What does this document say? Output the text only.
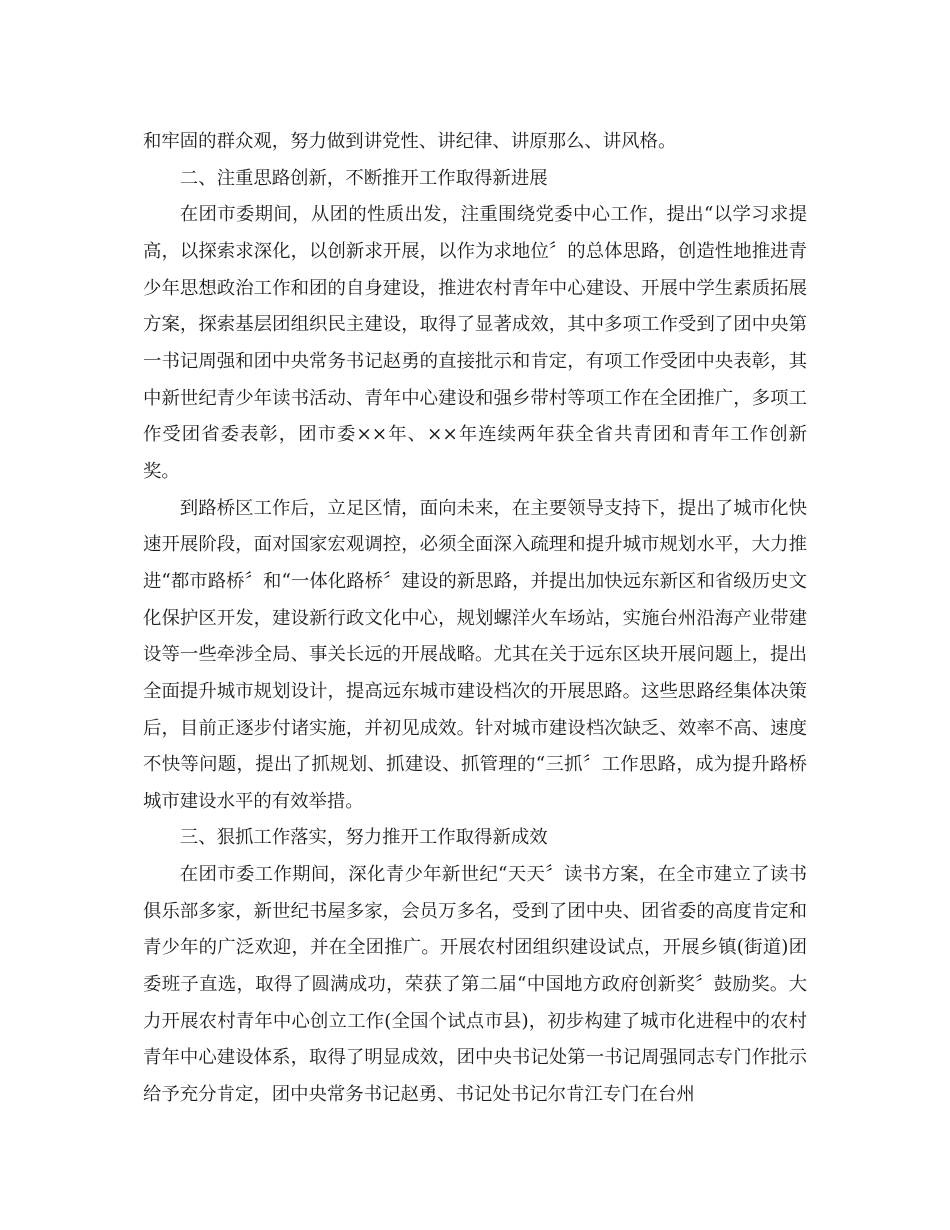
和牢固的群众观，努力做到讲党性、讲纪律、讲原那么、讲风格。

二、注重思路创新，不断推开工作取得新进展

在团市委期间，从团的性质出发，注重围绕党委中心工作，提出“以学习求提高，以探索求深化，以创新求开展，以作为求地位〞的总体思路，创造性地推进青少年思想政治工作和团的自身建设，推进农村青年中心建设、开展中学生素质拓展方案，探索基层团组织民主建设，取得了显著成效，其中多项工作受到了团中央第一书记周强和团中央常务书记赵勇的直接批示和肯定，有项工作受团中央表彰，其中新世纪青少年读书活动、青年中心建设和强乡带村等项工作在全团推广，多项工作受团省委表彰，团市委××年、××年连续两年获全省共青团和青年工作创新奖。

到路桥区工作后，立足区情，面向未来，在主要领导支持下，提出了城市化快速开展阶段，面对国家宏观调控，必须全面深入疏理和提升城市规划水平，大力推进“都市路桥〞和“一体化路桥〞建设的新思路，并提出加快远东新区和省级历史文化保护区开发，建设新行政文化中心，规划螺洋火车场站，实施台州沿海产业带建设等一些牵涉全局、事关长远的开展战略。尤其在关于远东区块开展问题上，提出全面提升城市规划设计，提高远东城市建设档次的开展思路。这些思路经集体决策后，目前正逐步付诸实施，并初见成效。针对城市建设档次缺乏、效率不高、速度不快等问题，提出了抓规划、抓建设、抓管理的“三抓〞工作思路，成为提升路桥城市建设水平的有效举措。

三、狠抓工作落实，努力推开工作取得新成效

在团市委工作期间，深化青少年新世纪“天天〞读书方案，在全市建立了读书俱乐部多家，新世纪书屋多家，会员万多名，受到了团中央、团省委的高度肯定和青少年的广泛欢迎，并在全团推广。开展农村团组织建设试点，开展乡镇(街道)团委班子直选，取得了圆满成功，荣获了第二届“中国地方政府创新奖〞鼓励奖。大力开展农村青年中心创立工作(全国个试点市县)，初步构建了城市化进程中的农村青年中心建设体系，取得了明显成效，团中央书记处第一书记周强同志专门作批示给予充分肯定，团中央常务书记赵勇、书记处书记尔肯江专门在台州
